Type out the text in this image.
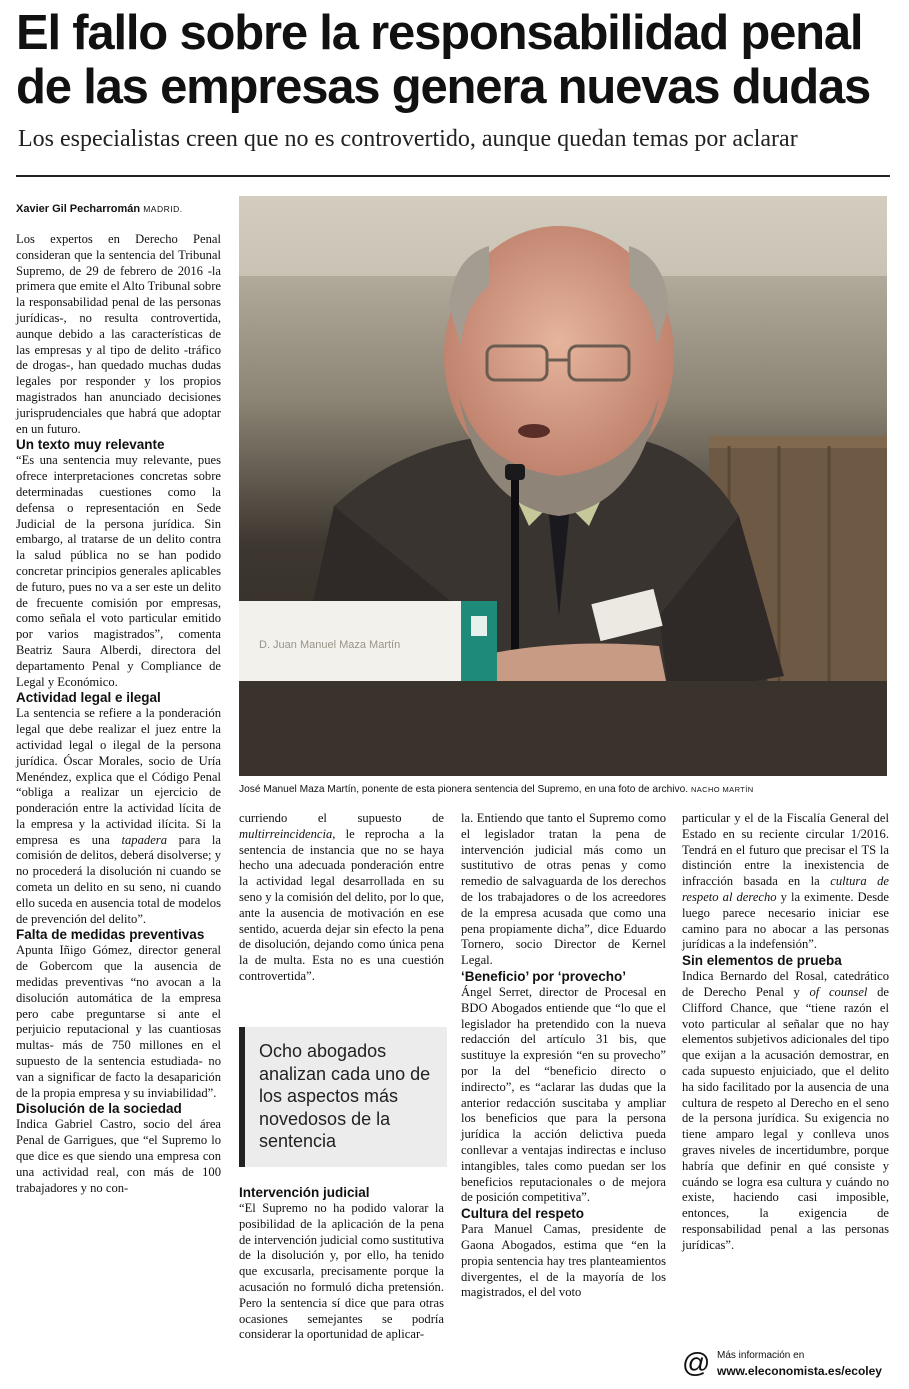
El fallo sobre la responsabilidad penal de las empresas genera nuevas dudas

Los especialistas creen que no es controvertido, aunque quedan temas por aclarar

Xavier Gil Pecharromán MADRID.

Los expertos en Derecho Penal consideran que la sentencia del Tribunal Supremo, de 29 de febrero de 2016 -la primera que emite el Alto Tribunal sobre la responsabilidad penal de las personas jurídicas-, no resulta controvertida, aunque debido a las características de las empresas y al tipo de delito -tráfico de drogas-, han quedado muchas dudas legales por responder y los propios magistrados han anunciado decisiones jurisprudenciales que habrá que adoptar en un futuro.

Un texto muy relevante

“Es una sentencia muy relevante, pues ofrece interpretaciones concretas sobre determinadas cuestiones como la defensa o representación en Sede Judicial de la persona jurídica. Sin embargo, al tratarse de un delito contra la salud pública no se han podido concretar principios generales aplicables de futuro, pues no va a ser este un delito de frecuente comisión por empresas, como señala el voto particular emitido por varios magistrados”, comenta Beatriz Saura Alberdi, directora del departamento Penal y Compliance de Legal y Económico.

Actividad legal e ilegal

La sentencia se refiere a la ponderación legal que debe realizar el juez entre la actividad legal o ilegal de la persona jurídica. Óscar Morales, socio de Uría Menéndez, explica que el Código Penal “obliga a realizar un ejercicio de ponderación entre la actividad lícita de la empresa y la actividad ilícita. Si la empresa es una tapadera para la comisión de delitos, deberá disolverse; y no procederá la disolución ni cuando se cometa un delito en su seno, ni cuando ello suceda en ausencia total de modelos de prevención del delito”.

Falta de medidas preventivas

Apunta Iñigo Gómez, director general de Gobercom que la ausencia de medidas preventivas “no avocan a la disolución automática de la empresa pero cabe preguntarse si ante el perjuicio reputacional y las cuantiosas multas- más de 750 millones en el supuesto de la sentencia estudiada- no van a significar de facto la desaparición de la propia empresa y su inviabilidad”.

Disolución de la sociedad

Indica Gabriel Castro, socio del área Penal de Garrigues, que “el Supremo lo que dice es que siendo una empresa con una actividad real, con más de 100 trabajadores y no con-

D. Juan Manuel Maza Martín
José Manuel Maza Martín, ponente de esta pionera sentencia del Supremo, en una foto de archivo. NACHO MARTÍN

curriendo el supuesto de multirreincidencia, le reprocha a la sentencia de instancia que no se haya hecho una adecuada ponderación entre la actividad legal desarrollada en su seno y la comisión del delito, por lo que, ante la ausencia de motivación en ese sentido, acuerda dejar sin efecto la pena de disolución, dejando como única pena la de multa. Esta no es una cuestión controvertida”.

Ocho abogados analizan cada uno de los aspectos más novedosos de la sentencia

Intervención judicial

“El Supremo no ha podido valorar la posibilidad de la aplicación de la pena de intervención judicial como sustitutiva de la disolución y, por ello, ha tenido que excusarla, precisamente porque la acusación no formuló dicha pretensión. Pero la sentencia sí dice que para otras ocasiones semejantes se podría considerar la oportunidad de aplicar-

la. Entiendo que tanto el Supremo como el legislador tratan la pena de intervención judicial más como un sustitutivo de otras penas y como remedio de salvaguarda de los derechos de los trabajadores o de los acreedores de la empresa acusada que como una pena propiamente dicha”, dice Eduardo Tornero, socio Director de Kernel Legal.

‘Beneficio’ por ‘provecho’

Ángel Serret, director de Procesal en BDO Abogados entiende que “lo que el legislador ha pretendido con la nueva redacción del artículo 31 bis, que sustituye la expresión “en su provecho” por la del “beneficio directo o indirecto”, es “aclarar las dudas que la anterior redacción suscitaba y ampliar los beneficios que para la persona jurídica la acción delictiva pueda conllevar a ventajas indirectas e incluso intangibles, tales como puedan ser los beneficios reputacionales o de mejora de posición competitiva”.

Cultura del respeto

Para Manuel Camas, presidente de Gaona Abogados, estima que “en la propia sentencia hay tres planteamientos divergentes, el de la mayoría de los magistrados, el del voto

particular y el de la Fiscalía General del Estado en su reciente circular 1/2016. Tendrá en el futuro que precisar el TS la distinción entre la inexistencia de infracción basada en la cultura de respeto al derecho y la eximente. Desde luego parece necesario iniciar ese camino para no abocar a las personas jurídicas a la indefensión”.

Sin elementos de prueba

Indica Bernardo del Rosal, catedrático de Derecho Penal y of counsel de Clifford Chance, que “tiene razón el voto particular al señalar que no hay elementos subjetivos adicionales del tipo que exijan a la acusación demostrar, en cada supuesto enjuiciado, que el delito ha sido facilitado por la ausencia de una cultura de respeto al Derecho en el seno de la persona jurídica. Su exigencia no tiene amparo legal y conlleva unos graves niveles de incertidumbre, porque habría que definir en qué consiste y cuándo se logra esa cultura y cuándo no existe, haciendo casi imposible, entonces, la exigencia de responsabilidad penal a las personas jurídicas”.

@ Más información en
www.eleconomista.es/ecoley
